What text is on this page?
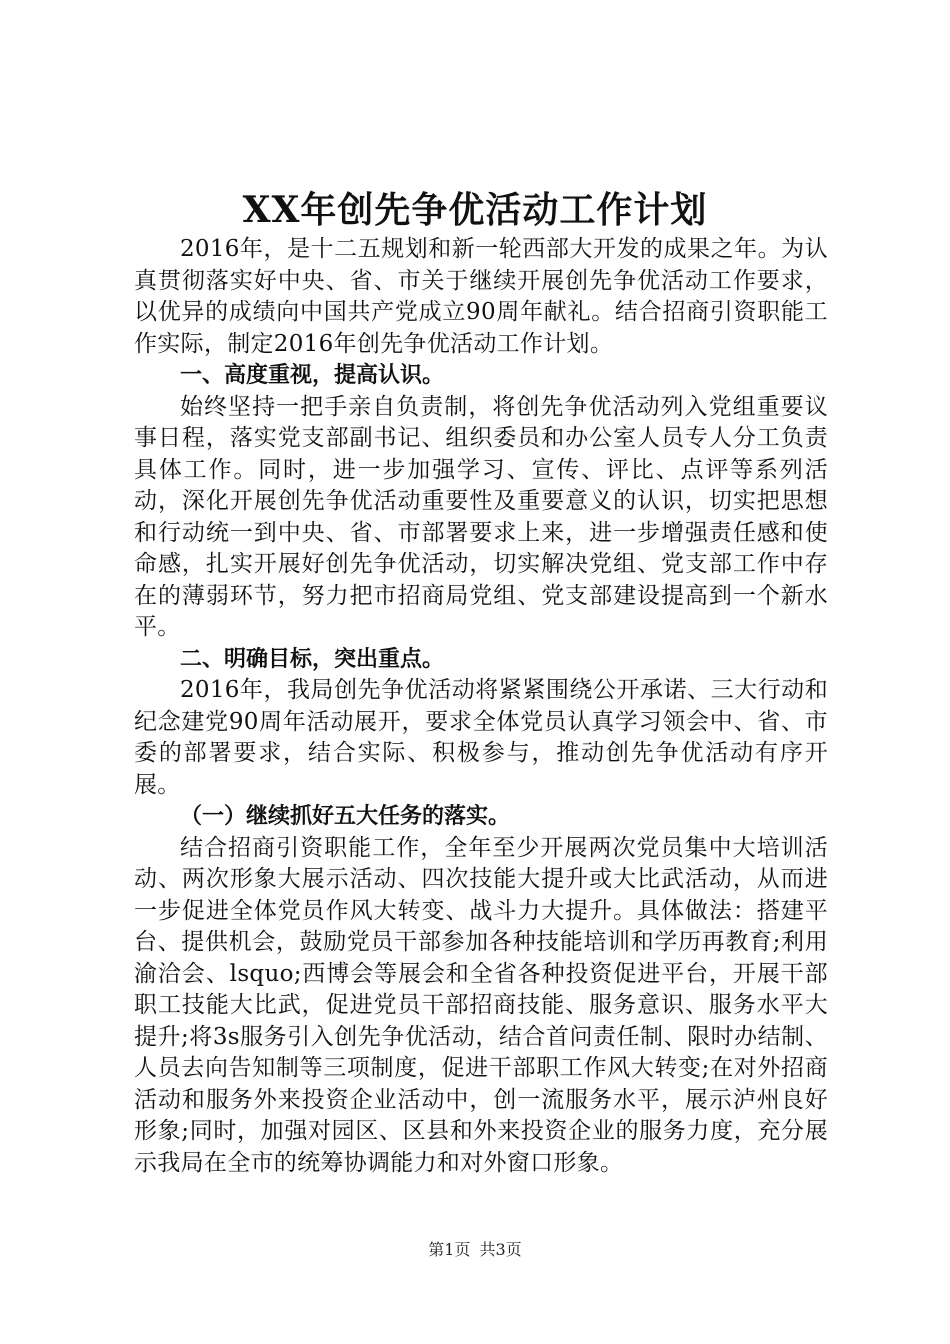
XX年创先争优活动工作计划

2016年，是十二五规划和新一轮西部大开发的成果之年。为认真贯彻落实好中央、省、市关于继续开展创先争优活动工作要求，以优异的成绩向中国共产党成立90周年献礼。结合招商引资职能工作实际，制定2016年创先争优活动工作计划。

一、高度重视，提高认识。

始终坚持一把手亲自负责制，将创先争优活动列入党组重要议事日程，落实党支部副书记、组织委员和办公室人员专人分工负责具体工作。同时，进一步加强学习、宣传、评比、点评等系列活动，深化开展创先争优活动重要性及重要意义的认识，切实把思想和行动统一到中央、省、市部署要求上来，进一步增强责任感和使命感，扎实开展好创先争优活动，切实解决党组、党支部工作中存在的薄弱环节，努力把市招商局党组、党支部建设提高到一个新水平。

二、明确目标，突出重点。

2016年，我局创先争优活动将紧紧围绕公开承诺、三大行动和纪念建党90周年活动展开，要求全体党员认真学习领会中、省、市委的部署要求，结合实际、积极参与，推动创先争优活动有序开展。

（一）继续抓好五大任务的落实。

结合招商引资职能工作，全年至少开展两次党员集中大培训活动、两次形象大展示活动、四次技能大提升或大比武活动，从而进一步促进全体党员作风大转变、战斗力大提升。具体做法：搭建平台、提供机会，鼓励党员干部参加各种技能培训和学历再教育;利用渝洽会、lsquo;西博会等展会和全省各种投资促进平台，开展干部职工技能大比武，促进党员干部招商技能、服务意识、服务水平大提升;将3s服务引入创先争优活动，结合首问责任制、限时办结制、人员去向告知制等三项制度，促进干部职工作风大转变;在对外招商活动和服务外来投资企业活动中，创一流服务水平，展示泸州良好形象;同时，加强对园区、区县和外来投资企业的服务力度，充分展示我局在全市的统筹协调能力和对外窗口形象。

第1页 共3页
